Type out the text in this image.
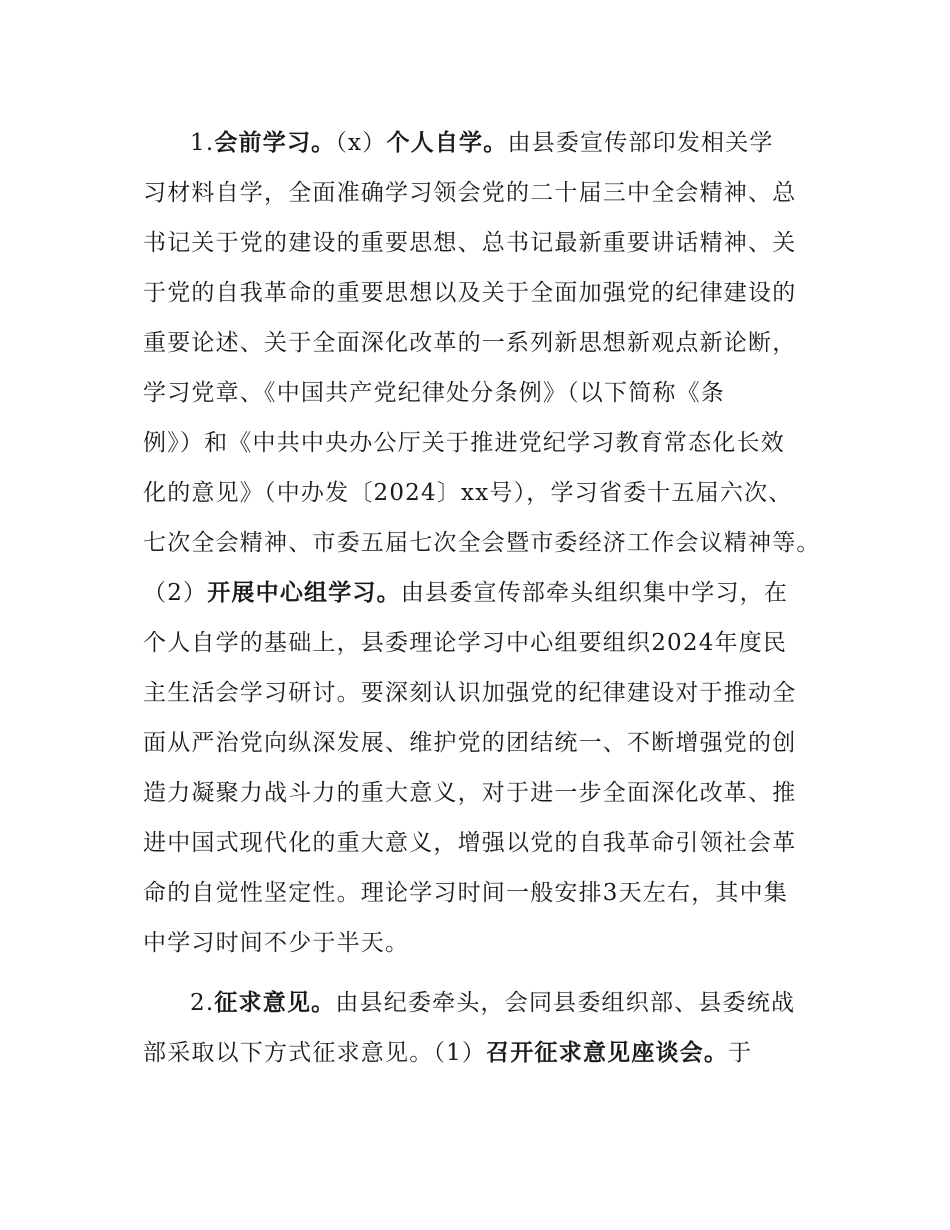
1.会前学习。（x）个人自学。由县委宣传部印发相关学
习材料自学，全面准确学习领会党的二十届三中全会精神、总
书记关于党的建设的重要思想、总书记最新重要讲话精神、关
于党的自我革命的重要思想以及关于全面加强党的纪律建设的
重要论述、关于全面深化改革的一系列新思想新观点新论断，
学习党章、《中国共产党纪律处分条例》（以下简称《条
例》）和《中共中央办公厅关于推进党纪学习教育常态化长效
化的意见》（中办发〔2024〕xx号），学习省委十五届六次、
七次全会精神、市委五届七次全会暨市委经济工作会议精神等。
（2）开展中心组学习。由县委宣传部牵头组织集中学习，在
个人自学的基础上，县委理论学习中心组要组织2024年度民
主生活会学习研讨。要深刻认识加强党的纪律建设对于推动全
面从严治党向纵深发展、维护党的团结统一、不断增强党的创
造力凝聚力战斗力的重大意义，对于进一步全面深化改革、推
进中国式现代化的重大意义，增强以党的自我革命引领社会革
命的自觉性坚定性。理论学习时间一般安排3天左右，其中集
中学习时间不少于半天。
2.征求意见。由县纪委牵头，会同县委组织部、县委统战
部采取以下方式征求意见。（1）召开征求意见座谈会。于
